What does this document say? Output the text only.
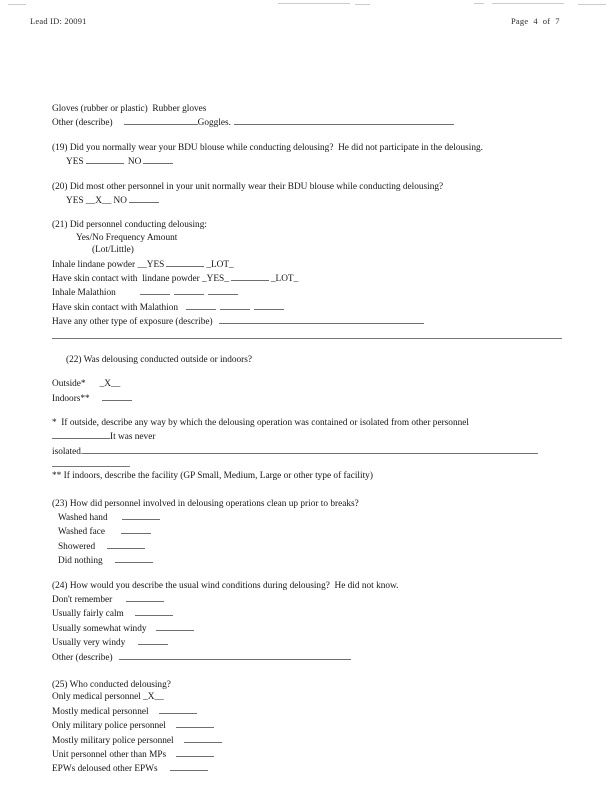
Lead ID: 20091	Page 4 of 7
Gloves (rubber or plastic)  Rubber gloves
Other (describe)	Goggles.
(19) Did you normally wear your BDU blouse while conducting delousing?  He did not participate in the delousing.
YES	NO
(20) Did most other personnel in your unit normally wear their BDU blouse while conducting delousing?
YES __X__ NO
(21) Did personnel conducting delousing:
Yes/No Frequency Amount
(Lot/Little)
Inhale lindane powder __YES	_LOT_
Have skin contact with  lindane powder _YES_	_LOT_
Inhale Malathion
Have skin contact with Malathion
Have any other type of exposure (describe)
(22) Was delousing conducted outside or indoors?
Outside* _X__
Indoors**
*  If outside, describe any way by which the delousing operation was contained or isolated from other personnel
It was never
isolated.
** If indoors, describe the facility (GP Small, Medium, Large or other type of facility)
(23) How did personnel involved in delousing operations clean up prior to breaks?
Washed hand
Washed face
Showered
Did nothing
(24) How would you describe the usual wind conditions during delousing?  He did not know.
Don't remember
Usually fairly calm
Usually somewhat windy
Usually very windy
Other (describe)
(25) Who conducted delousing?
Only medical personnel _X__
Mostly medical personnel
Only military police personnel
Mostly military police personnel
Unit personnel other than MPs
EPWs deloused other EPWs
